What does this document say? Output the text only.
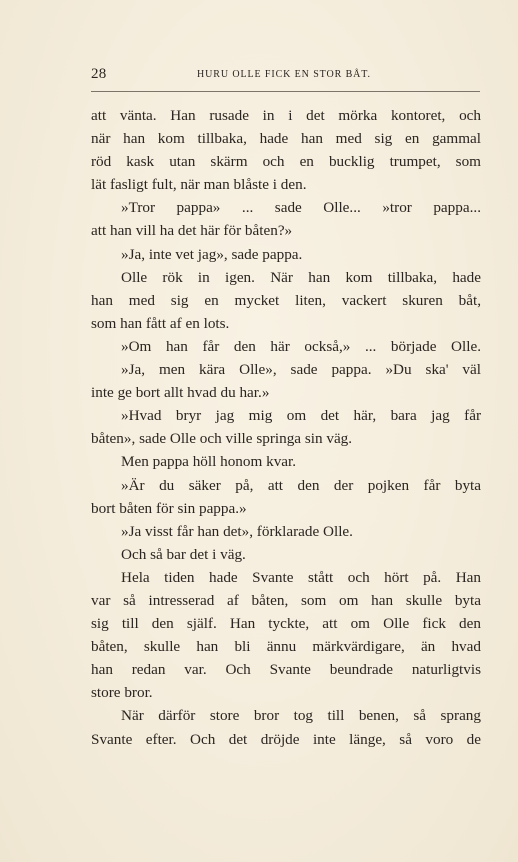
28	HURU OLLE FICK EN STOR BÅT.
att vänta. Han rusade in i det mörka kontoret, och
när han kom tillbaka, hade han med sig en gammal
röd kask utan skärm och en bucklig trumpet, som
lät fasligt fult, när man blåste i den.
»Tror pappa» ... sade Olle... »tror pappa...
att han vill ha det här för båten?»
»Ja, inte vet jag», sade pappa.
Olle rök in igen. När han kom tillbaka, hade
han med sig en mycket liten, vackert skuren båt,
som han fått af en lots.
»Om han får den här också,» ... började Olle.
»Ja, men kära Olle», sade pappa. »Du ska' väl
inte ge bort allt hvad du har.»
»Hvad bryr jag mig om det här, bara jag får
båten», sade Olle och ville springa sin väg.
Men pappa höll honom kvar.
»Är du säker på, att den der pojken får byta
bort båten för sin pappa.»
»Ja visst får han det», förklarade Olle.
Och så bar det i väg.
Hela tiden hade Svante stått och hört på. Han
var så intresserad af båten, som om han skulle byta
sig till den själf. Han tyckte, att om Olle fick den
båten, skulle han bli ännu märkvärdigare, än hvad
han redan var. Och Svante beundrade naturligtvis
store bror.
När därför store bror tog till benen, så sprang
Svante efter. Och det dröjde inte länge, så voro de
